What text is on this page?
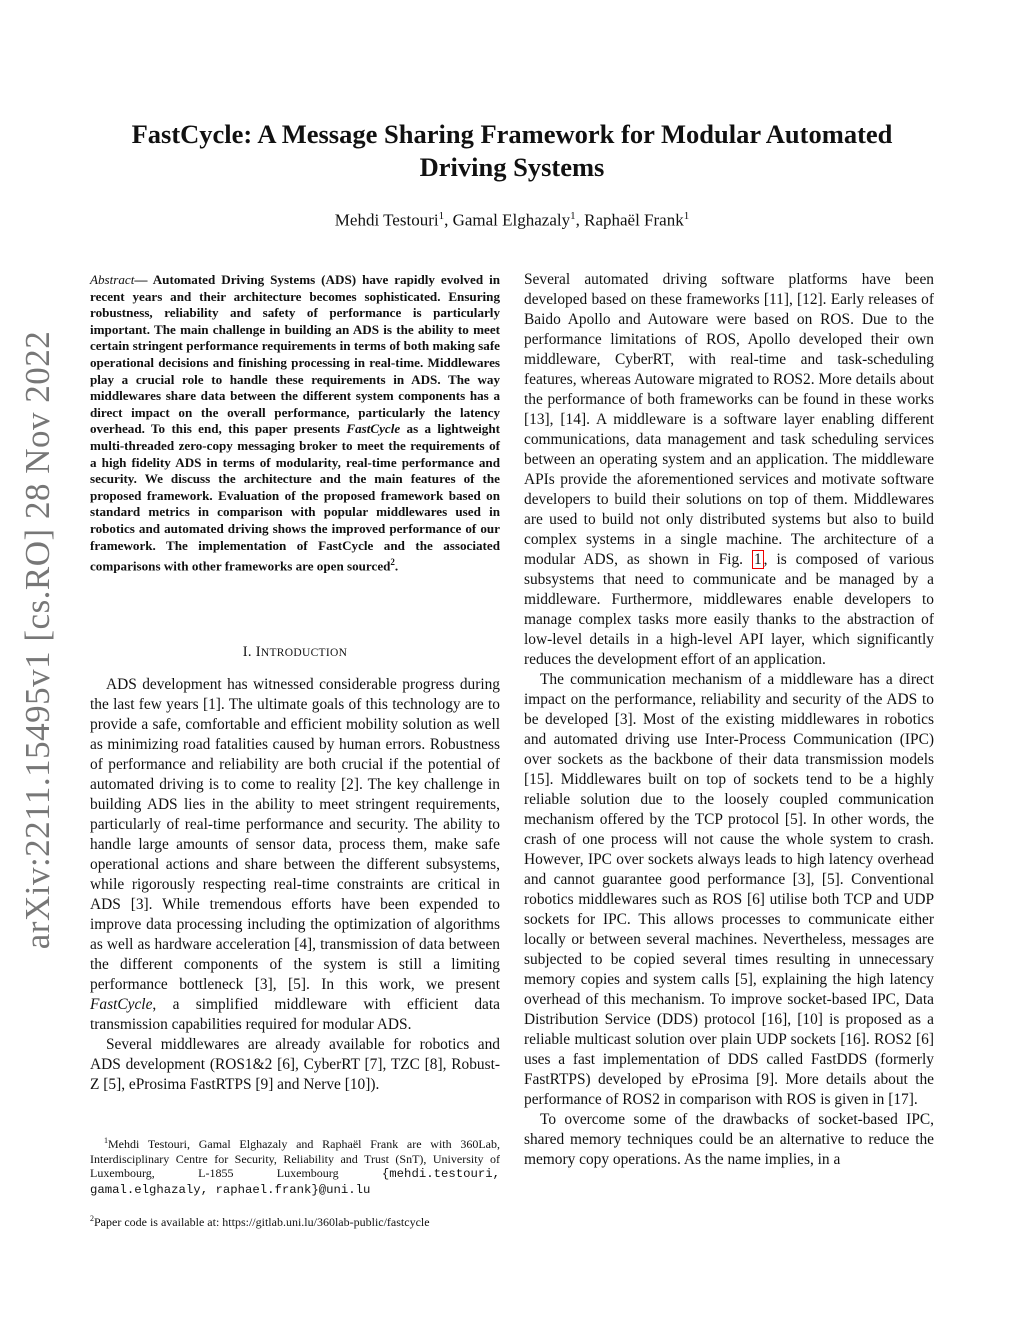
arXiv:2211.15495v1 [cs.RO] 28 Nov 2022
FastCycle: A Message Sharing Framework for Modular Automated
Driving Systems
Mehdi Testouri$^1$, Gamal Elghazaly$^1$, Raphaël Frank$^1$
Abstract— Automated Driving Systems (ADS) have rapidly evolved in recent years and their architecture becomes sophisticated. Ensuring robustness, reliability and safety of performance is particularly important. The main challenge in building an ADS is the ability to meet certain stringent performance requirements in terms of both making safe operational decisions and finishing processing in real-time. Middlewares play a crucial role to handle these requirements in ADS. The way middlewares share data between the different system components has a direct impact on the overall performance, particularly the latency overhead. To this end, this paper presents FastCycle as a lightweight multi-threaded zero-copy messaging broker to meet the requirements of a high fidelity ADS in terms of modularity, real-time performance and security. We discuss the architecture and the main features of the proposed framework. Evaluation of the proposed framework based on standard metrics in comparison with popular middlewares used in robotics and automated driving shows the improved performance of our framework. The implementation of FastCycle and the associated comparisons with other frameworks are open sourced$^2$.
I. INTRODUCTION

ADS development has witnessed considerable progress during the last few years [1]. The ultimate goals of this technology are to provide a safe, comfortable and efficient mobility solution as well as minimizing road fatalities caused by human errors. Robustness of performance and reliability are both crucial if the potential of automated driving is to come to reality [2]. The key challenge in building ADS lies in the ability to meet stringent requirements, particularly of real-time performance and security. The ability to handle large amounts of sensor data, process them, make safe operational actions and share between the different subsystems, while rigorously respecting real-time constraints are critical in ADS [3]. While tremendous efforts have been expended to improve data processing including the optimization of algorithms as well as hardware acceleration [4], transmission of data between the different components of the system is still a limiting performance bottleneck [3], [5]. In this work, we present FastCycle, a simplified middleware with efficient data transmission capabilities required for modular ADS.

Several middlewares are already available for robotics and ADS development (ROS1&2 [6], CyberRT [7], TZC [8], Robust-Z [5], eProsima FastRTPS [9] and Nerve [10]).

$^1$Mehdi Testouri, Gamal Elghazaly and Raphaël Frank are with 360Lab, Interdisciplinary Centre for Security, Reliability and Trust (SnT), University of Luxembourg, L-1855 Luxembourg {mehdi.testouri, gamal.elghazaly, raphael.frank}@uni.lu
$^2$Paper code is available at: https://gitlab.uni.lu/360lab-public/fastcycle

Several automated driving software platforms have been developed based on these frameworks [11], [12]. Early releases of Baido Apollo and Autoware were based on ROS. Due to the performance limitations of ROS, Apollo developed their own middleware, CyberRT, with real-time and task-scheduling features, whereas Autoware migrated to ROS2. More details about the performance of both frameworks can be found in these works [13], [14]. A middleware is a software layer enabling different communications, data management and task scheduling services between an operating system and an application. The middleware APIs provide the aforementioned services and motivate software developers to build their solutions on top of them. Middlewares are used to build not only distributed systems but also to build complex systems in a single machine. The architecture of a modular ADS, as shown in Fig. 1 , is composed of various subsystems that need to communicate and be managed by a middleware. Furthermore, middlewares enable developers to manage complex tasks more easily thanks to the abstraction of low-level details in a high-level API layer, which significantly reduces the development effort of an application.

The communication mechanism of a middleware has a direct impact on the performance, reliability and security of the ADS to be developed [3]. Most of the existing middlewares in robotics and automated driving use Inter-Process Communication (IPC) over sockets as the backbone of their data transmission models [15]. Middlewares built on top of sockets tend to be a highly reliable solution due to the loosely coupled communication mechanism offered by the TCP protocol [5]. In other words, the crash of one process will not cause the whole system to crash. However, IPC over sockets always leads to high latency overhead and cannot guarantee good performance [3], [5]. Conventional robotics middlewares such as ROS [6] utilise both TCP and UDP sockets for IPC. This allows processes to communicate either locally or between several machines. Nevertheless, messages are subjected to be copied several times resulting in unnecessary memory copies and system calls [5], explaining the high latency overhead of this mechanism. To improve socket-based IPC, Data Distribution Service (DDS) protocol [16], [10] is proposed as a reliable multicast solution over plain UDP sockets [16]. ROS2 [6] uses a fast implementation of DDS called FastDDS (formerly FastRTPS) developed by eProsima [9]. More details about the performance of ROS2 in comparison with ROS is given in [17].

To overcome some of the drawbacks of socket-based IPC, shared memory techniques could be an alternative to reduce the memory copy operations. As the name implies, in a
